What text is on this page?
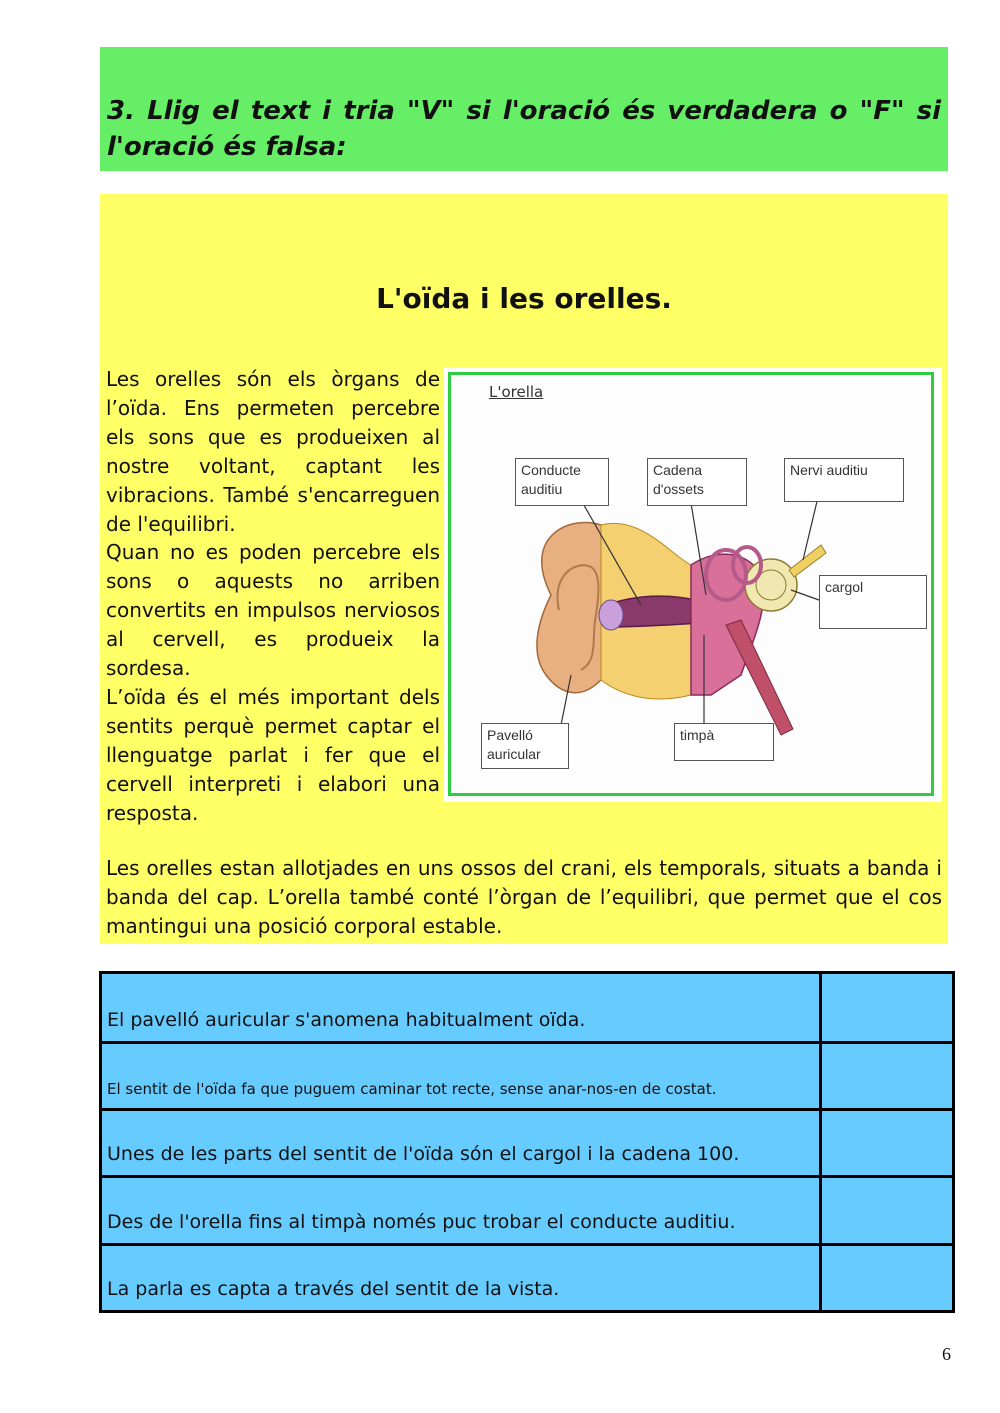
3. Llig el text i tria "V" si l'oració és verdadera o "F" si l'oració és falsa:
L'oïda i les orelles.

Les orelles són els òrgans de l’oïda. Ens permeten percebre els sons que es produeixen al nostre voltant, captant les vibracions. També s'encarreguen de l'equilibri.

Quan no es poden percebre els sons o aquests no arriben convertits en impulsos nerviosos al cervell, es produeix la sordesa.

L’oïda és el més important dels sentits perquè permet captar el llenguatge parlat i fer que el cervell interpreti i elabori una resposta.

L'orella
Conducte auditiu
Cadena d'ossets
Nervi auditiu
cargol
Pavelló auricular
timpà

Les orelles estan allotjades en uns ossos del crani, els temporals, situats a banda i banda del cap. L’orella també conté l’òrgan de l’equilibri, que permet que el cos mantingui una posició corporal estable.

El pavelló auricular s'anomena habitualment oïda.
El sentit de l'oïda fa que puguem caminar tot recte, sense anar-nos-en de costat.
Unes de les parts del sentit de l'oïda són el cargol i la cadena 100.
Des de l'orella fins al timpà només puc trobar el conducte auditiu.
La parla es capta a través del sentit de la vista.
6
